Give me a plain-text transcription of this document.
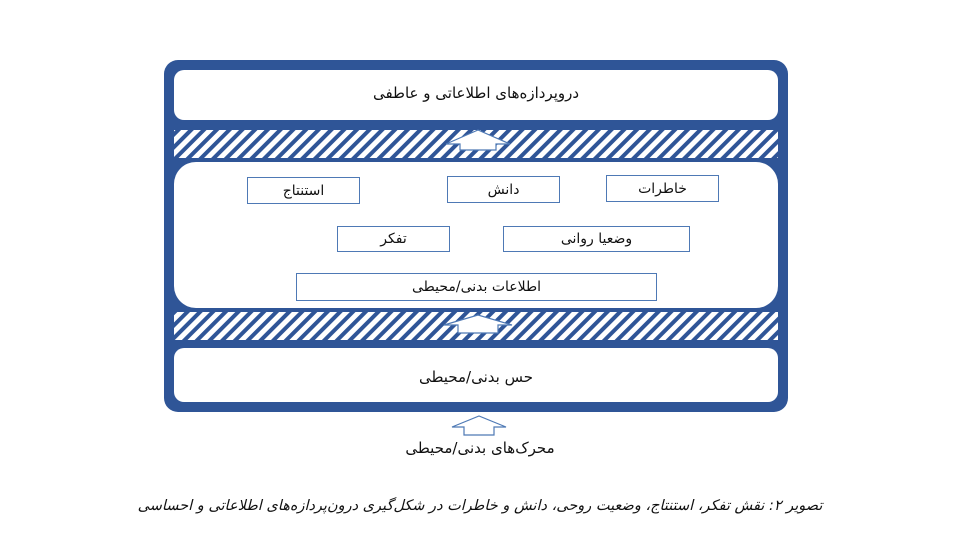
دروپردازه‌های اطلاعاتی و عاطفی
خاطرات
دانش
استنتاج
وضعیا روانی
تفکر
اطلاعات بدنی/محیطی
حس بدنی/محیطی
محرک‌های بدنی/محیطی
تصویر ۲: نقش تفکر، استنتاج، وضعیت روحی، دانش و خاطرات در شکل‌گیری درون‌پردازه‌های اطلاعاتی و احساسی
